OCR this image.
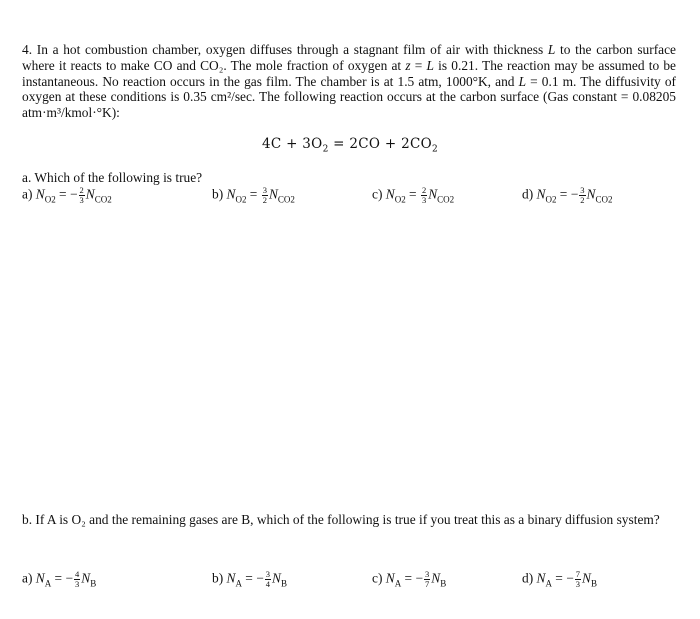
4. In a hot combustion chamber, oxygen diffuses through a stagnant film of air with thickness L to the carbon surface where it reacts to make CO and CO₂. The mole fraction of oxygen at z = L is 0.21. The reaction may be assumed to be instantaneous. No reaction occurs in the gas film. The chamber is at 1.5 atm, 1000°K, and L = 0.1 m. The diffusivity of oxygen at these conditions is 0.35 cm²/sec. The following reaction occurs at the carbon surface (Gas constant = 0.08205 atm·m³/kmol·°K):
$4C + 3O_2 = 2CO + 2CO_2$
a. Which of the following is true?
a) $N_{O2}$ = − $\frac{2}{3} N_{CO2}$	b) $N_{O2} = \frac{3}{2} N_{CO2}$	c) $N_{O2} = \frac{2}{3} N_{CO2}$	d) $N_{O2}$ = − $\frac{3}{2} N_{CO2}$
b. If A is O₂ and the remaining gases are B, which of the following is true if you treat this as a binary diffusion system?
a) $N_A$ = − $\frac{4}{3} N_B$	b) $N_A$ = − $\frac{3}{4} N_B$	c) $N_A$ = − $\frac{3}{7} N_B$	d) $N_A$ = − $\frac{7}{3} N_B$
